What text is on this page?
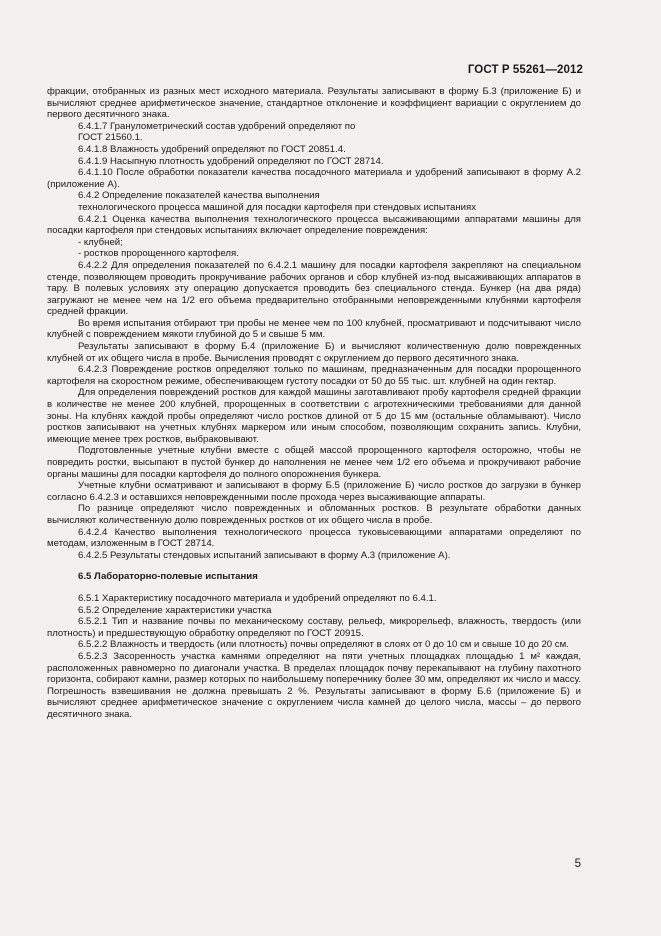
ГОСТ Р 55261—2012

фракции, отобранных из разных мест исходного материала. Результаты записывают в форму Б.3 (приложение Б) и вычисляют среднее арифметическое значение, стандартное отклонение и коэффициент вариации с округлением до первого десятичного знака.

6.4.1.7 Гранулометрический состав удобрений определяют по

ГОСТ 21560.1.

6.4.1.8 Влажность удобрений определяют по ГОСТ 20851.4.

6.4.1.9 Насыпную плотность удобрений определяют по ГОСТ 28714.

6.4.1.10 После обработки показатели качества посадочного материала и удобрений записывают в форму А.2 (приложение А).

6.4.2 Определение показателей качества выполнения

технологического процесса машиной для посадки картофеля при стендовых испытаниях

6.4.2.1 Оценка качества выполнения технологического процесса высаживающими аппаратами машины для посадки картофеля при стендовых испытаниях включает определение повреждения:

- клубней;

- ростков пророщенного картофеля.

6.4.2.2 Для определения показателей по 6.4.2.1 машину для посадки картофеля закрепляют на специальном стенде, позволяющем проводить прокручивание рабочих органов и сбор клубней из-под высаживающих аппаратов в тару. В полевых условиях эту операцию допускается проводить без специального стенда. Бункер (на два ряда) загружают не менее чем на 1/2 его объема предварительно отобранными неповрежденными клубнями картофеля средней фракции.

Во время испытания отбирают три пробы не менее чем по 100 клубней, просматривают и подсчитывают число клубней с повреждением мякоти глубиной до 5 и свыше 5 мм.

Результаты записывают в форму Б.4 (приложение Б) и вычисляют количественную долю поврежденных клубней от их общего числа в пробе. Вычисления проводят с округлением до первого десятичного знака.

6.4.2.3 Повреждение ростков определяют только по машинам, предназначенным для посадки пророщенного картофеля на скоростном режиме, обеспечивающем густоту посадки от 50 до 55 тыс. шт. клубней на один гектар.

Для определения повреждений ростков для каждой машины заготавливают пробу картофеля средней фракции в количестве не менее 200 клубней, пророщенных в соответствии с агротехническими требованиями для данной зоны. На клубнях каждой пробы определяют число ростков длиной от 5 до 15 мм (остальные обламывают). Число ростков записывают на учетных клубнях маркером или иным способом, позволяющим сохранить запись. Клубни, имеющие менее трех ростков, выбраковывают.

Подготовленные учетные клубни вместе с общей массой пророщенного картофеля осторожно, чтобы не повредить ростки, высыпают в пустой бункер до наполнения не менее чем 1/2 его объема и прокручивают рабочие органы машины для посадки картофеля до полного опорожнения бункера.

Учетные клубни осматривают и записывают в форму Б.5 (приложение Б) число ростков до загрузки в бункер согласно 6.4.2.3 и оставшихся неповрежденными после прохода через высаживающие аппараты.

По разнице определяют число поврежденных и обломанных ростков. В результате обработки данных вычисляют количественную долю поврежденных ростков от их общего числа в пробе.

6.4.2.4 Качество выполнения технологического процесса туковысевающими аппаратами определяют по методам, изложенным в ГОСТ 28714.

6.4.2.5 Результаты стендовых испытаний записывают в форму А.3 (приложение А).

6.5 Лабораторно-полевые испытания

6.5.1 Характеристику посадочного материала и удобрений определяют по 6.4.1.

6.5.2 Определение характеристики участка

6.5.2.1 Тип и название почвы по механическому составу, рельеф, микрорельеф, влажность, твердость (или плотность) и предшествующую обработку определяют по ГОСТ 20915.

6.5.2.2 Влажность и твердость (или плотность) почвы определяют в слоях от 0 до 10 см и свыше 10 до 20 см.

6.5.2.3 Засоренность участка камнями определяют на пяти учетных площадках площадью 1 м² каждая, расположенных равномерно по диагонали участка. В пределах площадок почву перекапывают на глубину пахотного горизонта, собирают камни, размер которых по наибольшему поперечнику более 30 мм, определяют их число и массу. Погрешность взвешивания не должна превышать 2 %. Результаты записывают в форму Б.6 (приложение Б) и вычисляют среднее арифметическое значение с округлением числа камней до целого числа, массы – до первого десятичного знака.

5
